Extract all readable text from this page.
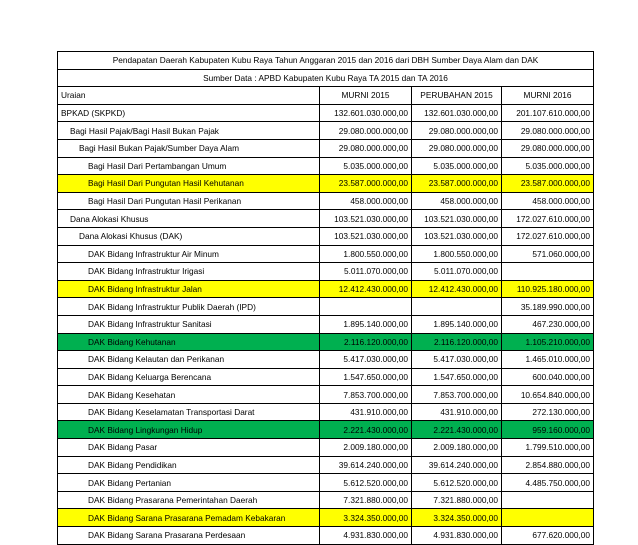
Pendapatan Daerah Kabupaten Kubu Raya Tahun Anggaran 2015 dan 2016 dari DBH Sumber Daya Alam dan DAK			
Sumber Data : APBD Kabupaten Kubu Raya TA 2015 dan TA 2016			
Uraian	MURNI 2015	PERUBAHAN 2015	MURNI 2016
BPKAD (SKPKD)	132.601.030.000,00	132.601.030.000,00	201.107.610.000,00
Bagi Hasil Pajak/Bagi Hasil Bukan Pajak	29.080.000.000,00	29.080.000.000,00	29.080.000.000,00
Bagi Hasil Bukan Pajak/Sumber Daya Alam	29.080.000.000,00	29.080.000.000,00	29.080.000.000,00
Bagi Hasil Dari Pertambangan Umum	5.035.000.000,00	5.035.000.000,00	5.035.000.000,00
Bagi Hasil Dari Pungutan Hasil Kehutanan	23.587.000.000,00	23.587.000.000,00	23.587.000.000,00
Bagi Hasil Dari Pungutan Hasil Perikanan	458.000.000,00	458.000.000,00	458.000.000,00
Dana Alokasi Khusus	103.521.030.000,00	103.521.030.000,00	172.027.610.000,00
Dana Alokasi Khusus (DAK)	103.521.030.000,00	103.521.030.000,00	172.027.610.000,00
DAK Bidang Infrastruktur Air Minum	1.800.550.000,00	1.800.550.000,00	571.060.000,00
DAK Bidang Infrastruktur Irigasi	5.011.070.000,00	5.011.070.000,00	
DAK Bidang Infrastruktur Jalan	12.412.430.000,00	12.412.430.000,00	110.925.180.000,00
DAK Bidang Infrastruktur Publik Daerah (IPD)			35.189.990.000,00
DAK Bidang Infrastruktur Sanitasi	1.895.140.000,00	1.895.140.000,00	467.230.000,00
DAK Bidang Kehutanan	2.116.120.000,00	2.116.120.000,00	1.105.210.000,00
DAK Bidang Kelautan dan Perikanan	5.417.030.000,00	5.417.030.000,00	1.465.010.000,00
DAK Bidang Keluarga Berencana	1.547.650.000,00	1.547.650.000,00	600.040.000,00
DAK Bidang Kesehatan	7.853.700.000,00	7.853.700.000,00	10.654.840.000,00
DAK Bidang Keselamatan Transportasi Darat	431.910.000,00	431.910.000,00	272.130.000,00
DAK Bidang Lingkungan Hidup	2.221.430.000,00	2.221.430.000,00	959.160.000,00
DAK Bidang Pasar	2.009.180.000,00	2.009.180.000,00	1.799.510.000,00
DAK Bidang Pendidikan	39.614.240.000,00	39.614.240.000,00	2.854.880.000,00
DAK Bidang Pertanian	5.612.520.000,00	5.612.520.000,00	4.485.750.000,00
DAK Bidang Prasarana Pemerintahan Daerah	7.321.880.000,00	7.321.880.000,00	
DAK Bidang Sarana Prasarana Pemadam Kebakaran	3.324.350.000,00	3.324.350.000,00	
DAK Bidang Sarana Prasarana Perdesaan	4.931.830.000,00	4.931.830.000,00	677.620.000,00
